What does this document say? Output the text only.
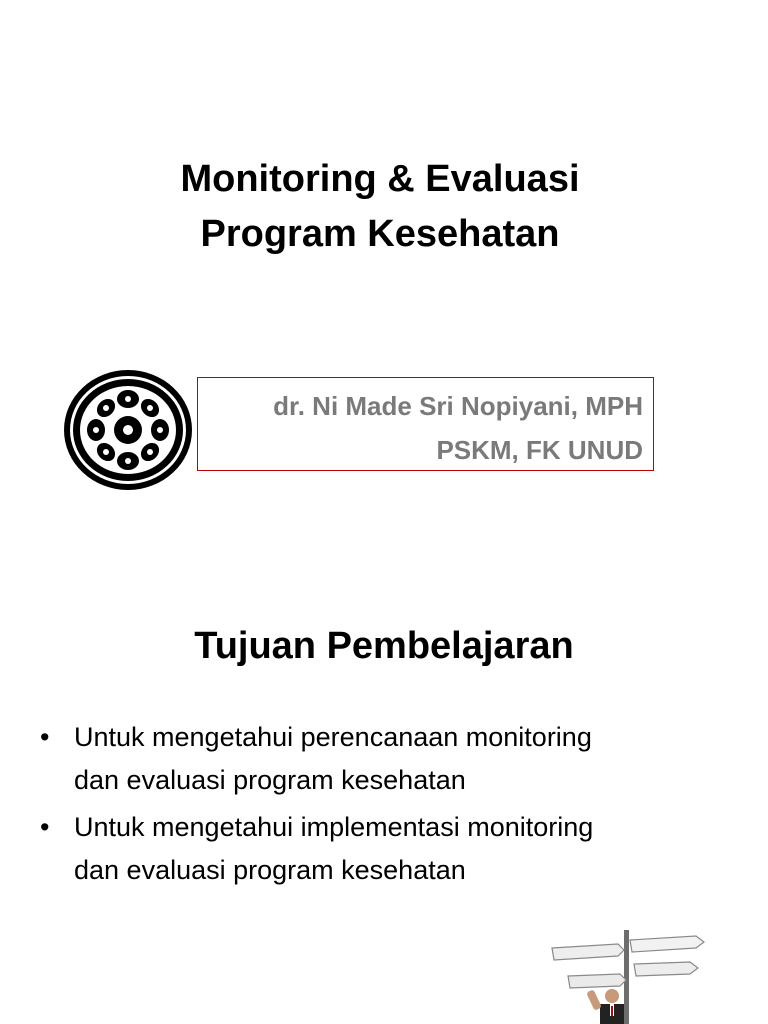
Monitoring & Evaluasi
Program Kesehatan
dr. Ni Made Sri Nopiyani, MPH
PSKM, FK UNUD
Tujuan Pembelajaran
• Untuk mengetahui perencanaan monitoring
dan evaluasi program kesehatan
• Untuk mengetahui implementasi monitoring
dan evaluasi program kesehatan
